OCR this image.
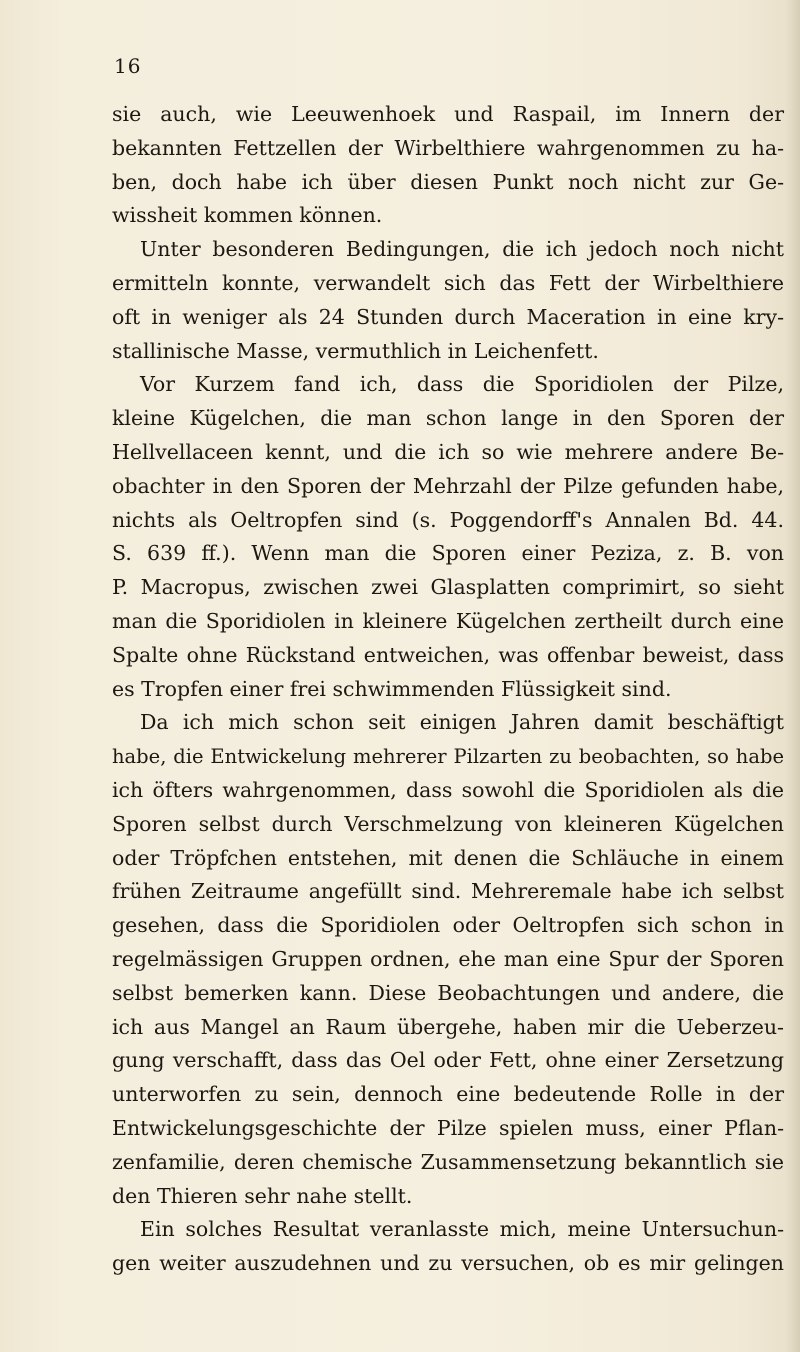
16
sie auch, wie Leeuwenhoek und Raspail, im Innern der
bekannten Fettzellen der Wirbelthiere wahrgenommen zu ha-
ben, doch habe ich über diesen Punkt noch nicht zur Ge-
wissheit kommen können.
Unter besonderen Bedingungen, die ich jedoch noch nicht
ermitteln konnte, verwandelt sich das Fett der Wirbelthiere
oft in weniger als 24 Stunden durch Maceration in eine kry-
stallinische Masse, vermuthlich in Leichenfett.
Vor Kurzem fand ich, dass die Sporidiolen der Pilze,
kleine Kügelchen, die man schon lange in den Sporen der
Hellvellaceen kennt, und die ich so wie mehrere andere Be-
obachter in den Sporen der Mehrzahl der Pilze gefunden habe,
nichts als Oeltropfen sind (s. Poggendorff's Annalen Bd. 44.
S. 639 ff.). Wenn man die Sporen einer Peziza, z. B. von
P. Macropus, zwischen zwei Glasplatten comprimirt, so sieht
man die Sporidiolen in kleinere Kügelchen zertheilt durch eine
Spalte ohne Rückstand entweichen, was offenbar beweist, dass
es Tropfen einer frei schwimmenden Flüssigkeit sind.
Da ich mich schon seit einigen Jahren damit beschäftigt
habe, die Entwickelung mehrerer Pilzarten zu beobachten, so habe
ich öfters wahrgenommen, dass sowohl die Sporidiolen als die
Sporen selbst durch Verschmelzung von kleineren Kügelchen
oder Tröpfchen entstehen, mit denen die Schläuche in einem
frühen Zeitraume angefüllt sind. Mehreremale habe ich selbst
gesehen, dass die Sporidiolen oder Oeltropfen sich schon in
regelmässigen Gruppen ordnen, ehe man eine Spur der Sporen
selbst bemerken kann. Diese Beobachtungen und andere, die
ich aus Mangel an Raum übergehe, haben mir die Ueberzeu-
gung verschafft, dass das Oel oder Fett, ohne einer Zersetzung
unterworfen zu sein, dennoch eine bedeutende Rolle in der
Entwickelungsgeschichte der Pilze spielen muss, einer Pflan-
zenfamilie, deren chemische Zusammensetzung bekanntlich sie
den Thieren sehr nahe stellt.
Ein solches Resultat veranlasste mich, meine Untersuchun-
gen weiter auszudehnen und zu versuchen, ob es mir gelingen
